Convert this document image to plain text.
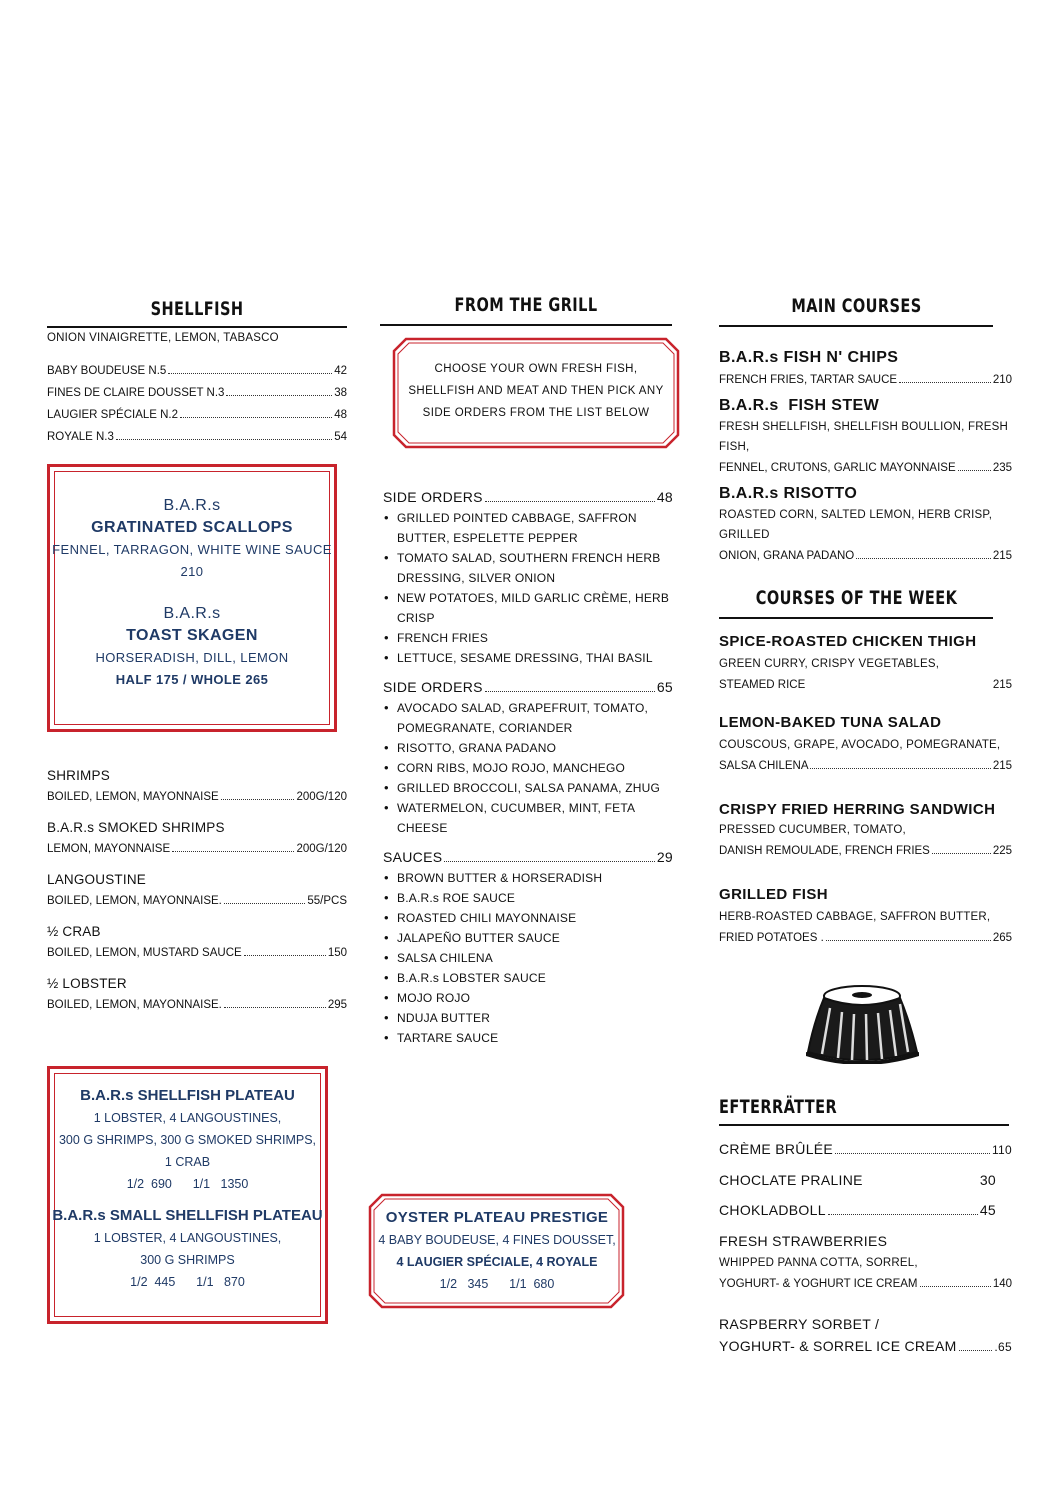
SHELLFISH
ONION VINAIGRETTE, LEMON, TABASCO
BABY BOUDEUSE N.5	42
FINES DE CLAIRE DOUSSET N.3	38
LAUGIER SPÉCIALE N.2	48
ROYALE N.3	54
B.A.R.s
GRATINATED SCALLOPS
FENNEL, TARRAGON, WHITE WINE SAUCE
210
B.A.R.s
TOAST SKAGEN
HORSERADISH, DILL, LEMON
HALF 175 / WHOLE 265
SHRIMPS
BOILED, LEMON, MAYONNAISE	200G/120
B.A.R.s SMOKED SHRIMPS
LEMON, MAYONNAISE	200G/120
LANGOUSTINE
BOILED, LEMON, MAYONNAISE.	55/PCS
½ CRAB
BOILED, LEMON, MUSTARD SAUCE	150
½ LOBSTER
BOILED, LEMON, MAYONNAISE.	295
B.A.R.s SHELLFISH PLATEAU
1 LOBSTER, 4 LANGOUSTINES,
300 G SHRIMPS, 300 G SMOKED SHRIMPS,
1 CRAB
1/2  690      1/1   1350
B.A.R.s SMALL SHELLFISH PLATEAU
1 LOBSTER, 4 LANGOUSTINES,
300 G SHRIMPS
1/2  445      1/1   870
FROM THE GRILL
CHOOSE YOUR OWN FRESH FISH, SHELLFISH AND MEAT AND THEN PICK ANY SIDE ORDERS FROM THE LIST BELOW
SIDE ORDERS	48
• GRILLED POINTED CABBAGE, SAFFRON BUTTER, ESPELETTE PEPPER
• TOMATO SALAD, SOUTHERN FRENCH HERB DRESSING, SILVER ONION
• NEW POTATOES, MILD GARLIC CRÈME, HERB CRISP
• FRENCH FRIES
• LETTUCE, SESAME DRESSING, THAI BASIL
SIDE ORDERS	65
• AVOCADO SALAD, GRAPEFRUIT, TOMATO, POMEGRANATE, CORIANDER
• RISOTTO, GRANA PADANO
• CORN RIBS, MOJO ROJO, MANCHEGO
• GRILLED BROCCOLI, SALSA PANAMA, ZHUG
• WATERMELON, CUCUMBER, MINT, FETA CHEESE
SAUCES	29
• BROWN BUTTER & HORSERADISH
• B.A.R.s ROE SAUCE
• ROASTED CHILI MAYONNAISE
• JALAPEÑO BUTTER SAUCE
• SALSA CHILENA
• B.A.R.s LOBSTER SAUCE
• MOJO ROJO
• NDUJA BUTTER
• TARTARE SAUCE
OYSTER PLATEAU PRESTIGE
4 BABY BOUDEUSE, 4 FINES DOUSSET,
4 LAUGIER SPÉCIALE, 4 ROYALE
1/2   345      1/1  680
MAIN COURSES
B.A.R.s FISH N' CHIPS
FRENCH FRIES, TARTAR SAUCE	210
B.A.R.s  FISH STEW
FRESH SHELLFISH, SHELLFISH BOULLION, FRESH FISH,
FENNEL, CRUTONS, GARLIC MAYONNAISE	235
B.A.R.s RISOTTO
ROASTED CORN, SALTED LEMON, HERB CRISP, GRILLED
ONION, GRANA PADANO	215
COURSES OF THE WEEK
SPICE-ROASTED CHICKEN THIGH
GREEN CURRY, CRISPY VEGETABLES,
STEAMED RICE	215
LEMON-BAKED TUNA SALAD
COUSCOUS, GRAPE, AVOCADO, POMEGRANATE,
SALSA CHILENA	215
CRISPY FRIED HERRING SANDWICH
PRESSED CUCUMBER, TOMATO,
DANISH REMOULADE, FRENCH FRIES	225
GRILLED FISH
HERB-ROASTED CABBAGE, SAFFRON BUTTER,
FRIED POTATOES .	265
EFTERRÄTTER
CRÈME BRÛLÉE	110
CHOCLATE PRALINE	30
CHOKLADBOLL	45
FRESH STRAWBERRIES
WHIPPED PANNA COTTA, SORREL,
YOGHURT- & YOGHURT ICE CREAM	140
RASPBERRY SORBET /
YOGHURT- & SORREL ICE CREAM	.65
